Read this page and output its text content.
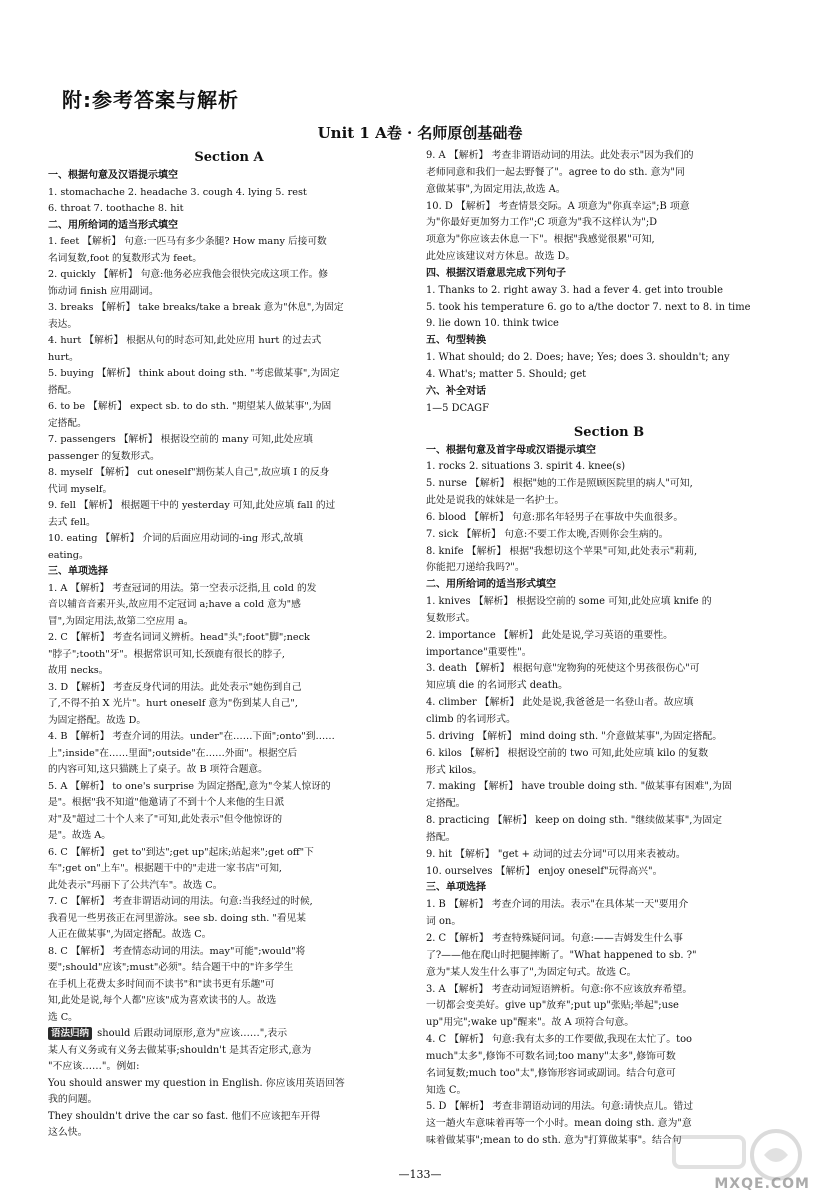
附:参考答案与解析
Unit 1 A卷 · 名师原创基础卷

Section A

一、根据句意及汉语提示填空

1. stomachache 2. headache 3. cough 4. lying 5. rest

6. throat 7. toothache 8. hit

二、用所给词的适当形式填空

1. feet 【解析】 句意:一匹马有多少条腿? How many 后接可数

名词复数,foot 的复数形式为 feet。

2. quickly 【解析】 句意:他务必应我他会很快完成这项工作。修

饰动词 finish 应用副词。

3. breaks 【解析】 take breaks/take a break 意为"休息",为固定

表达。

4. hurt 【解析】 根据从句的时态可知,此处应用 hurt 的过去式

hurt。

5. buying 【解析】 think about doing sth. "考虑做某事",为固定

搭配。

6. to be 【解析】 expect sb. to do sth. "期望某人做某事",为固

定搭配。

7. passengers 【解析】 根据设空前的 many 可知,此处应填

passenger 的复数形式。

8. myself 【解析】 cut oneself"割伤某人自己",故应填 I 的反身

代词 myself。

9. fell 【解析】 根据题干中的 yesterday 可知,此处应填 fall 的过

去式 fell。

10. eating 【解析】 介词的后面应用动词的-ing 形式,故填

eating。

三、单项选择

1. A 【解析】 考查冠词的用法。第一空表示泛指,且 cold 的发

音以辅音音素开头,故应用不定冠词 a;have a cold 意为"感

冒",为固定用法,故第二空应用 a。

2. C 【解析】 考查名词词义辨析。head"头";foot"脚";neck

"脖子";tooth"牙"。根据常识可知,长颈鹿有很长的脖子,

故用 necks。

3. D 【解析】 考查反身代词的用法。此处表示"她伤到自己

了,不得不拍 X 光片"。hurt oneself 意为"伤到某人自己",

为固定搭配。故选 D。

4. B 【解析】 考查介词的用法。under"在……下面";onto"到……

上";inside"在……里面";outside"在……外面"。根据空后

的内容可知,这只猫跳上了桌子。故 B 项符合题意。

5. A 【解析】 to one's surprise 为固定搭配,意为"令某人惊讶的

是"。根据"我不知道"他邀请了不到十个人来他的生日派

对"及"超过二十个人来了"可知,此处表示"但令他惊讶的

是"。故选 A。

6. C 【解析】 get to"到达";get up"起床;站起来";get off"下

车";get on"上车"。根据题干中的"走进一家书店"可知,

此处表示"玛丽下了公共汽车"。故选 C。

7. C 【解析】 考查非谓语动词的用法。句意:当我经过的时候,

我看见一些男孩正在河里游泳。see sb. doing sth. "看见某

人正在做某事",为固定搭配。故选 C。

8. C 【解析】 考查情态动词的用法。may"可能";would"将

要";should"应该";must"必须"。结合题干中的"许多学生

在手机上花费太多时间而不读书"和"读书更有乐趣"可

知,此处是说,每个人都"应该"成为喜欢读书的人。故选

选 C。

语法归纳 should 后跟动词原形,意为"应该……",表示

某人有义务或有义务去做某事;shouldn't 是其否定形式,意为

"不应该……"。例如:

You should answer my question in English. 你应该用英语回答

我的问题。

They shouldn't drive the car so fast. 他们不应该把车开得

这么快。

9. A 【解析】 考查非谓语动词的用法。此处表示"因为我们的

老师同意和我们一起去野餐了"。agree to do sth. 意为"同

意做某事",为固定用法,故选 A。

10. D 【解析】 考查情景交际。A 项意为"你真幸运";B 项意

为"你最好更加努力工作";C 项意为"我不这样认为";D

项意为"你应该去休息一下"。根据"我感觉很累"可知,

此处应该建议对方休息。故选 D。

四、根据汉语意思完成下列句子

1. Thanks to 2. right away 3. had a fever 4. get into trouble

5. took his temperature 6. go to a/the doctor 7. next to 8. in time

9. lie down 10. think twice

五、句型转换

1. What should; do 2. Does; have; Yes; does 3. shouldn't; any

4. What's; matter 5. Should; get

六、补全对话

1—5 DCAGF

Section B

一、根据句意及首字母或汉语提示填空

1. rocks 2. situations 3. spirit 4. knee(s)

5. nurse 【解析】 根据"她的工作是照顾医院里的病人"可知,

此处是说我的妹妹是一名护士。

6. blood 【解析】 句意:那名年轻男子在事故中失血很多。

7. sick 【解析】 句意:不要工作太晚,否则你会生病的。

8. knife 【解析】 根据"我想切这个苹果"可知,此处表示"莉莉,

你能把刀递给我吗?"。

二、用所给词的适当形式填空

1. knives 【解析】 根据设空前的 some 可知,此处应填 knife 的

复数形式。

2. importance 【解析】 此处是说,学习英语的重要性。

importance"重要性"。

3. death 【解析】 根据句意"宠物狗的死使这个男孩很伤心"可

知应填 die 的名词形式 death。

4. climber 【解析】 此处是说,我爸爸是一名登山者。故应填

climb 的名词形式。

5. driving 【解析】 mind doing sth. "介意做某事",为固定搭配。

6. kilos 【解析】 根据设空前的 two 可知,此处应填 kilo 的复数

形式 kilos。

7. making 【解析】 have trouble doing sth. "做某事有困难",为固

定搭配。

8. practicing 【解析】 keep on doing sth. "继续做某事",为固定

搭配。

9. hit 【解析】 "get + 动词的过去分词"可以用来表被动。

10. ourselves 【解析】 enjoy oneself"玩得高兴"。

三、单项选择

1. B 【解析】 考查介词的用法。表示"在具体某一天"要用介

词 on。

2. C 【解析】 考查特殊疑问词。句意:——吉姆发生什么事

了?——他在爬山时把腿摔断了。"What happened to sb. ?"

意为"某人发生什么事了",为固定句式。故选 C。

3. A 【解析】 考查动词短语辨析。句意:你不应该放弃希望。

一切都会变美好。give up"放弃";put up"张贴;举起";use

up"用完";wake up"醒来"。故 A 项符合句意。

4. C 【解析】 句意:我有太多的工作要做,我现在太忙了。too

much"太多",修饰不可数名词;too many"太多",修饰可数

名词复数;much too"太",修饰形容词或副词。结合句意可

知选 C。

5. D 【解析】 考查非谓语动词的用法。句意:请快点儿。错过

这一趟火车意味着再等一个小时。mean doing sth. 意为"意

味着做某事";mean to do sth. 意为"打算做某事"。结合句

—133—
MXQE.COM
